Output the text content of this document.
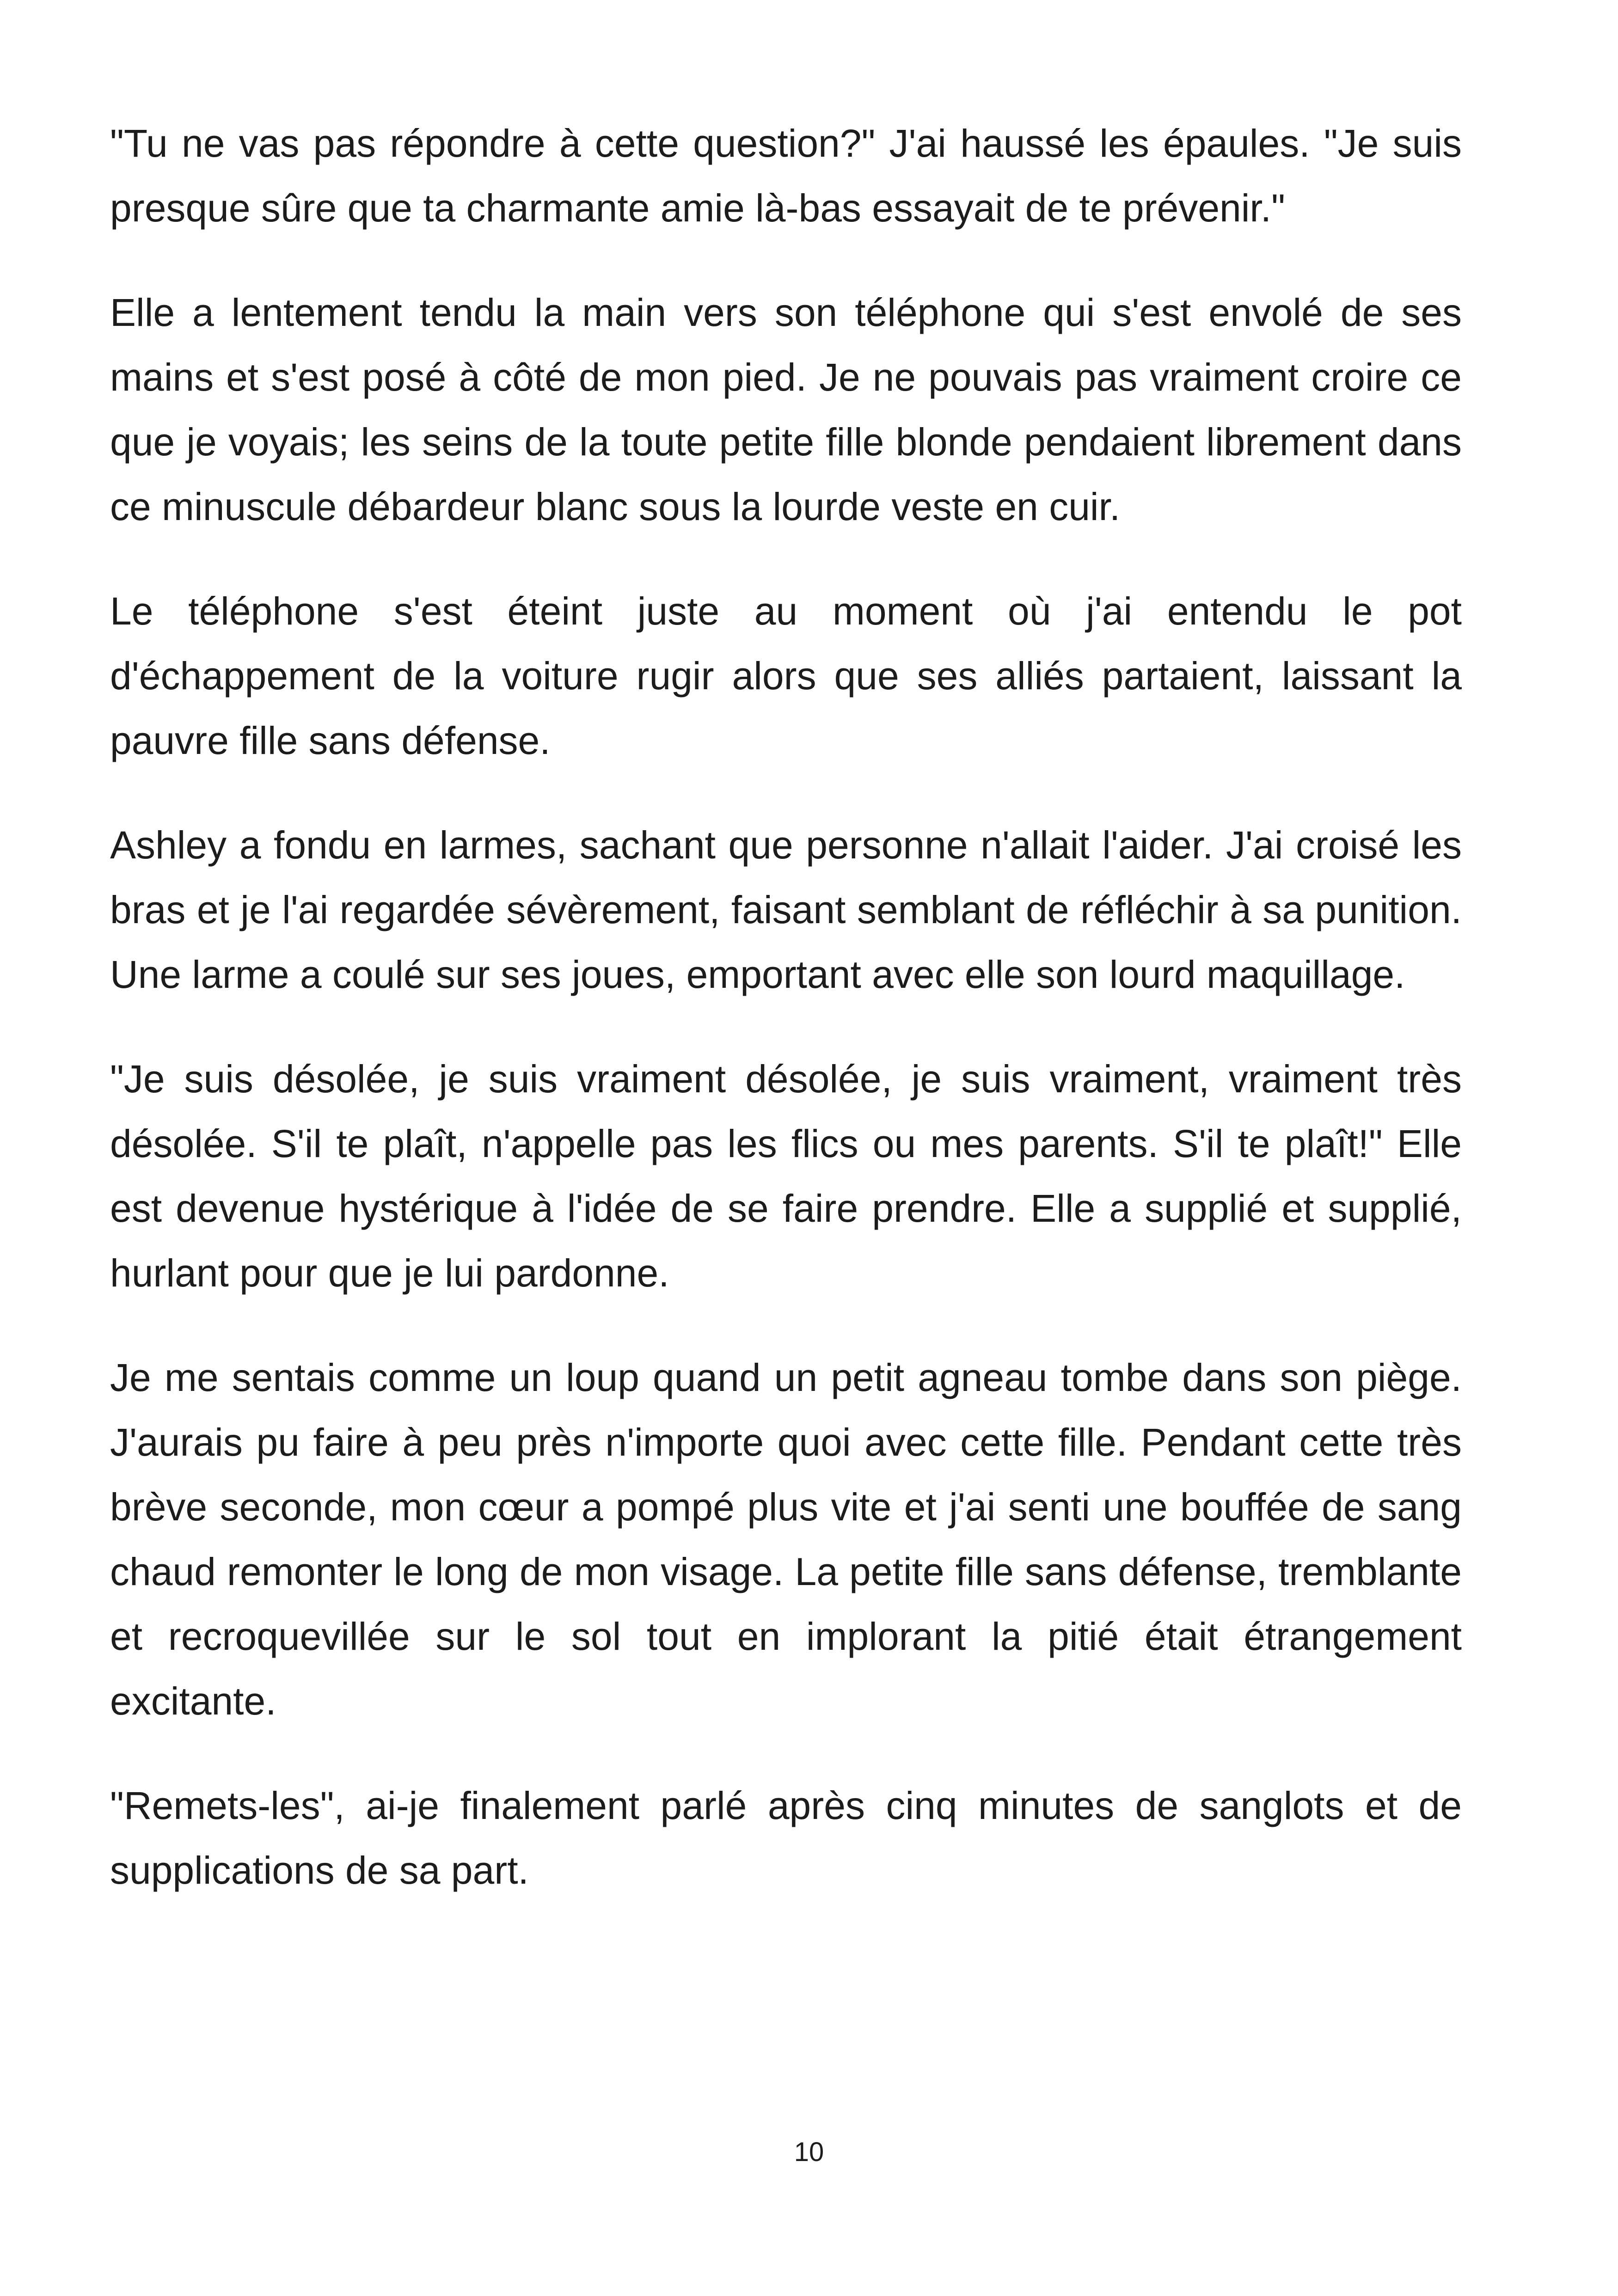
"Tu ne vas pas répondre à cette question?" J'ai haussé les épaules. "Je suis presque sûre que ta charmante amie là-bas essayait de te prévenir."

Elle a lentement tendu la main vers son téléphone qui s'est envolé de ses mains et s'est posé à côté de mon pied. Je ne pouvais pas vraiment croire ce que je voyais; les seins de la toute petite fille blonde pendaient librement dans ce minuscule débardeur blanc sous la lourde veste en cuir.

Le téléphone s'est éteint juste au moment où j'ai entendu le pot d'échappement de la voiture rugir alors que ses alliés partaient, laissant la pauvre fille sans défense.

Ashley a fondu en larmes, sachant que personne n'allait l'aider. J'ai croisé les bras et je l'ai regardée sévèrement, faisant semblant de réfléchir à sa punition. Une larme a coulé sur ses joues, emportant avec elle son lourd maquillage.

"Je suis désolée, je suis vraiment désolée, je suis vraiment, vraiment très désolée. S'il te plaît, n'appelle pas les flics ou mes parents. S'il te plaît!" Elle est devenue hystérique à l'idée de se faire prendre. Elle a supplié et supplié, hurlant pour que je lui pardonne.

Je me sentais comme un loup quand un petit agneau tombe dans son piège. J'aurais pu faire à peu près n'importe quoi avec cette fille. Pendant cette très brève seconde, mon cœur a pompé plus vite et j'ai senti une bouffée de sang chaud remonter le long de mon visage. La petite fille sans défense, tremblante et recroquevillée sur le sol tout en implorant la pitié était étrangement excitante.

"Remets-les", ai-je finalement parlé après cinq minutes de sanglots et de supplications de sa part.

10
